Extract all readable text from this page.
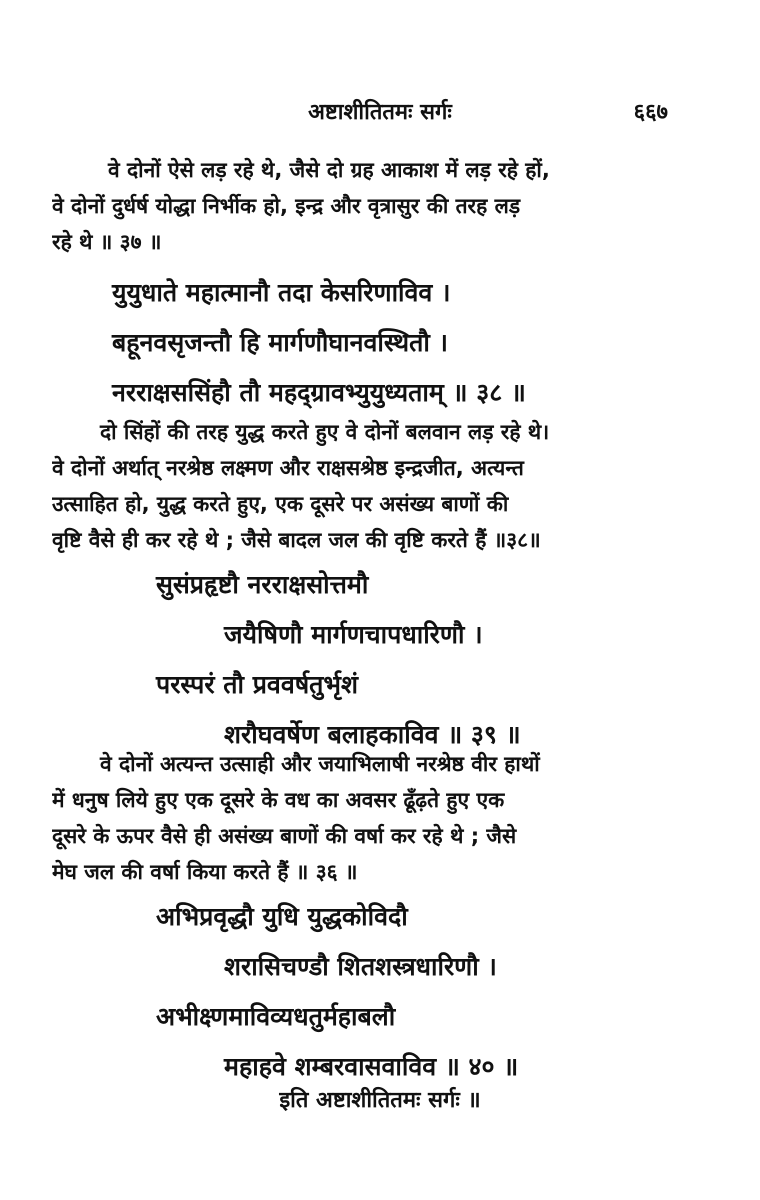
अष्टाशीतितमः सर्गः	६६७
वे दोनों ऐसे लड़ रहे थे, जैसे दो ग्रह आकाश में लड़ रहे हों,
वे दोनों दुर्धर्ष योद्धा निर्भीक हो, इन्द्र और वृत्रासुर की तरह लड़
रहे थे ॥ ३७ ॥
युयुधाते महात्मानौ तदा केसरिणाविव ।
बहूनवसृजन्तौ हि मार्गणौघानवस्थितौ ।
नरराक्षससिंहौ तौ महद्ग्रावभ्युयुध्यताम् ॥ ३८ ॥
दो सिंहों की तरह युद्ध करते हुए वे दोनों बलवान लड़ रहे थे।
वे दोनों अर्थात् नरश्रेष्ठ लक्ष्मण और राक्षसश्रेष्ठ इन्द्रजीत, अत्यन्त
उत्साहित हो, युद्ध करते हुए, एक दूसरे पर असंख्य बाणों की
वृष्टि वैसे ही कर रहे थे ; जैसे बादल जल की वृष्टि करते हैं ॥३८॥
सुसंप्रहृष्टौ नरराक्षसोत्तमौ
जयैषिणौ मार्गणचापधारिणौ ।
परस्परं तौ प्रववर्षतुर्भृशं
शरौघवर्षेण बलाहकाविव ॥ ३९ ॥
वे दोनों अत्यन्त उत्साही और जयाभिलाषी नरश्रेष्ठ वीर हाथों
में धनुष लिये हुए एक दूसरे के वध का अवसर ढूँढ़ते हुए एक
दूसरे के ऊपर वैसे ही असंख्य बाणों की वर्षा कर रहे थे ; जैसे
मेघ जल की वर्षा किया करते हैं ॥ ३६ ॥
अभिप्रवृद्धौ युधि युद्धकोविदौ
शरासिचण्डौ शितशस्त्रधारिणौ ।
अभीक्ष्णमाविव्यधतुर्महाबलौ
महाहवे शम्बरवासवाविव ॥ ४० ॥
इति अष्टाशीतितमः सर्गः ॥
